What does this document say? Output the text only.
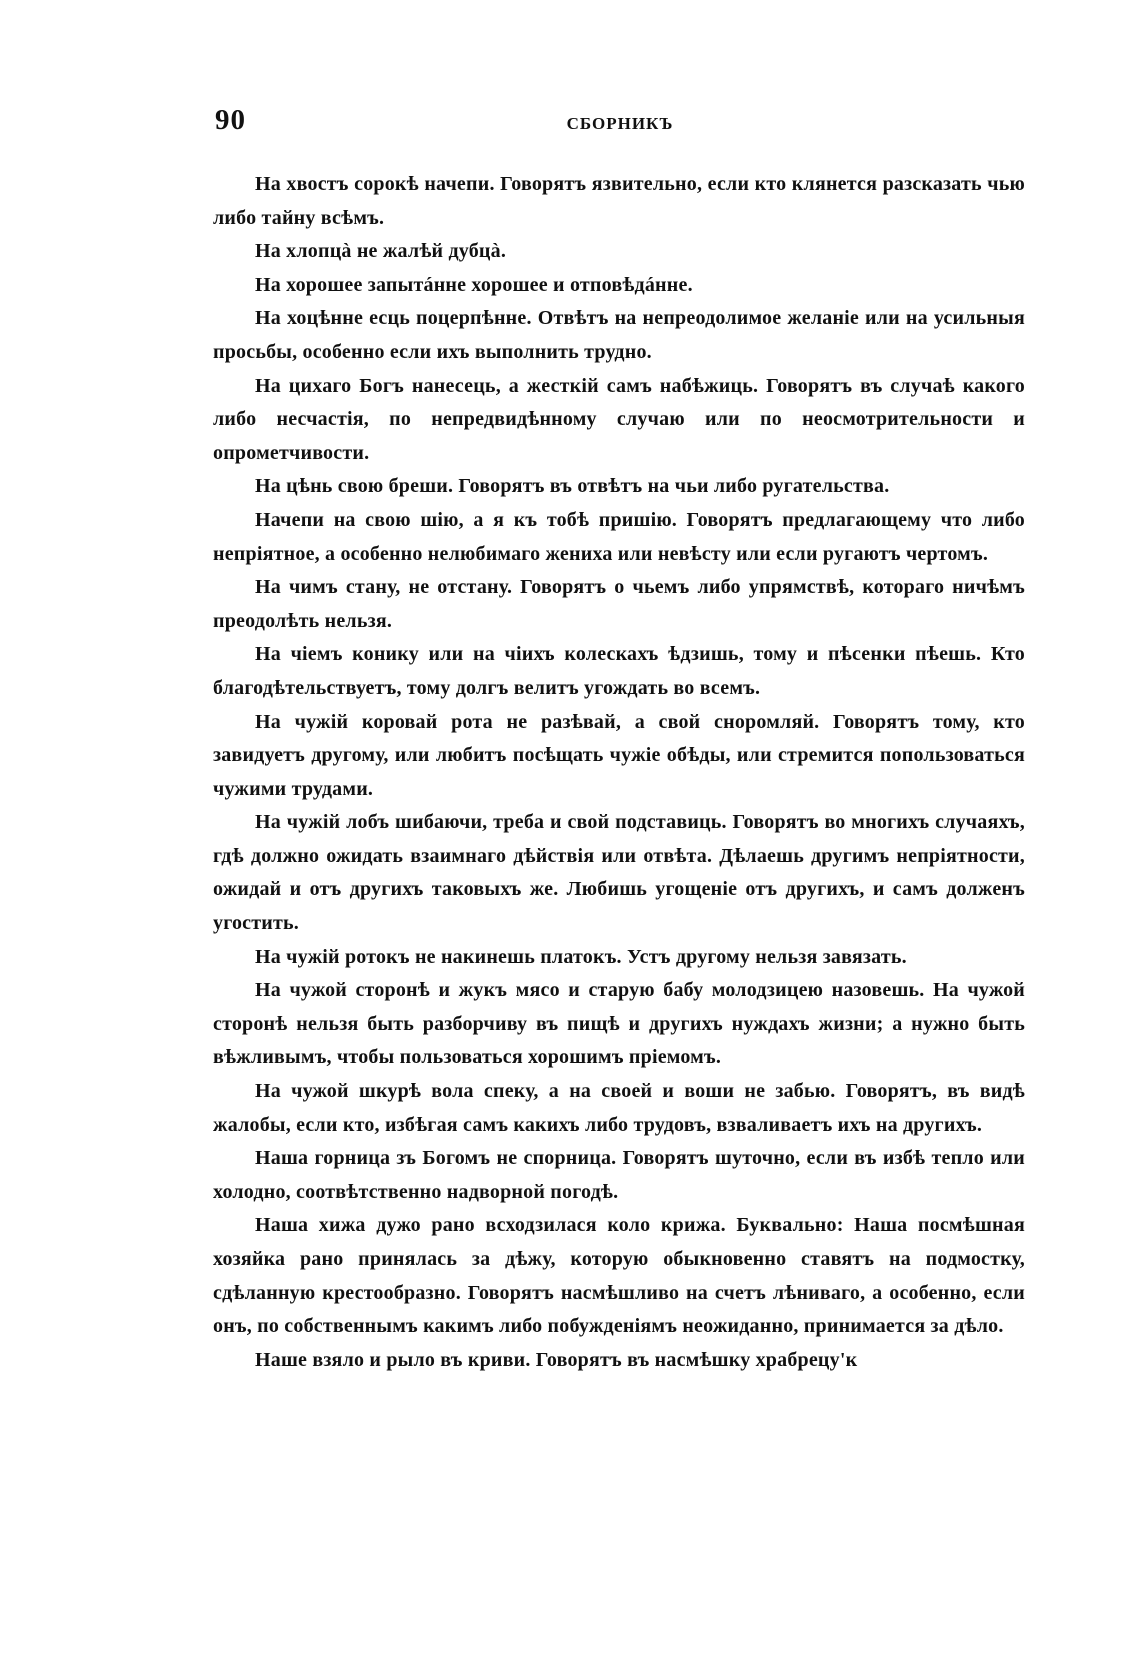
90	СБОРНИКЪ

На хвостъ сорокѣ начепи. Говорятъ язвительно, если кто клянется разсказать чью либо тайну всѣмъ.

На хлопцà не жалѣй дубцà.

На хорошее запытáнне хорошее и отповѣдáнне.

На хоцѣнне есць поцерпѣнне. Отвѣтъ на непреодолимое желаніе или на усильныя просьбы, особенно если ихъ выполнить трудно.

На цихаго Богъ нанесець, а жесткій самъ набѣжиць. Говорятъ въ случаѣ какого либо несчастія, по непредвидѣнному случаю или по неосмотрительности и опрометчивости.

На цѣнь свою бреши. Говорятъ въ отвѣтъ на чьи либо ругательства.

Начепи на свою шію, а я къ тобѣ пришію. Говорятъ предлагающему что либо непріятное, а особенно нелюбимаго жениха или невѣсту или если ругаютъ чертомъ.

На чимъ стану, не отстану. Говорятъ о чьемъ либо упрямствѣ, котораго ничѣмъ преодолѣть нельзя.

На чіемъ конику или на чіихъ колескахъ ѣдзишь, тому и пѣсенки пѣешь. Кто благодѣтельствуетъ, тому долгъ велитъ угождать во всемъ.

На чужій коровай рота не разѣвай, а свой сноромляй. Говорятъ тому, кто завидуетъ другому, или любитъ посѣщать чужіе обѣды, или стремится попользоваться чужими трудами.

На чужій лобъ шибаючи, треба и свой подставиць. Говорятъ во многихъ случаяхъ, гдѣ должно ожидать взаимнаго дѣйствія или отвѣта. Дѣлаешь другимъ непріятности, ожидай и отъ другихъ таковыхъ же. Любишь угощеніе отъ другихъ, и самъ долженъ угостить.

На чужій ротокъ не накинешь платокъ. Устъ другому нельзя завязать.

На чужой сторонѣ и жукъ мясо и старую бабу молодзицею назовешь. На чужой сторонѣ нельзя быть разборчиву въ пищѣ и другихъ нуждахъ жизни; а нужно быть вѣжливымъ, чтобы пользоваться хорошимъ пріемомъ.

На чужой шкурѣ вола спеку, а на своей и воши не забью. Говорятъ, въ видѣ жалобы, если кто, избѣгая самъ какихъ либо трудовъ, взваливаетъ ихъ на другихъ.

Наша горница зъ Богомъ не спорница. Говорятъ шуточно, если въ избѣ тепло или холодно, соотвѣтственно надворной погодѣ.

Наша хижа дужо рано всходзилася коло крижа. Буквально: Наша посмѣшная хозяйка рано принялась за дѣжу, которую обыкновенно ставятъ на подмостку, сдѣланную крестообразно. Говорятъ насмѣшливо на счетъ лѣниваго, а особенно, если онъ, по собственнымъ какимъ либо побужденіямъ неожиданно, принимается за дѣло.

Наше взяло и рыло въ криви. Говорятъ въ насмѣшку храбрецу'к
